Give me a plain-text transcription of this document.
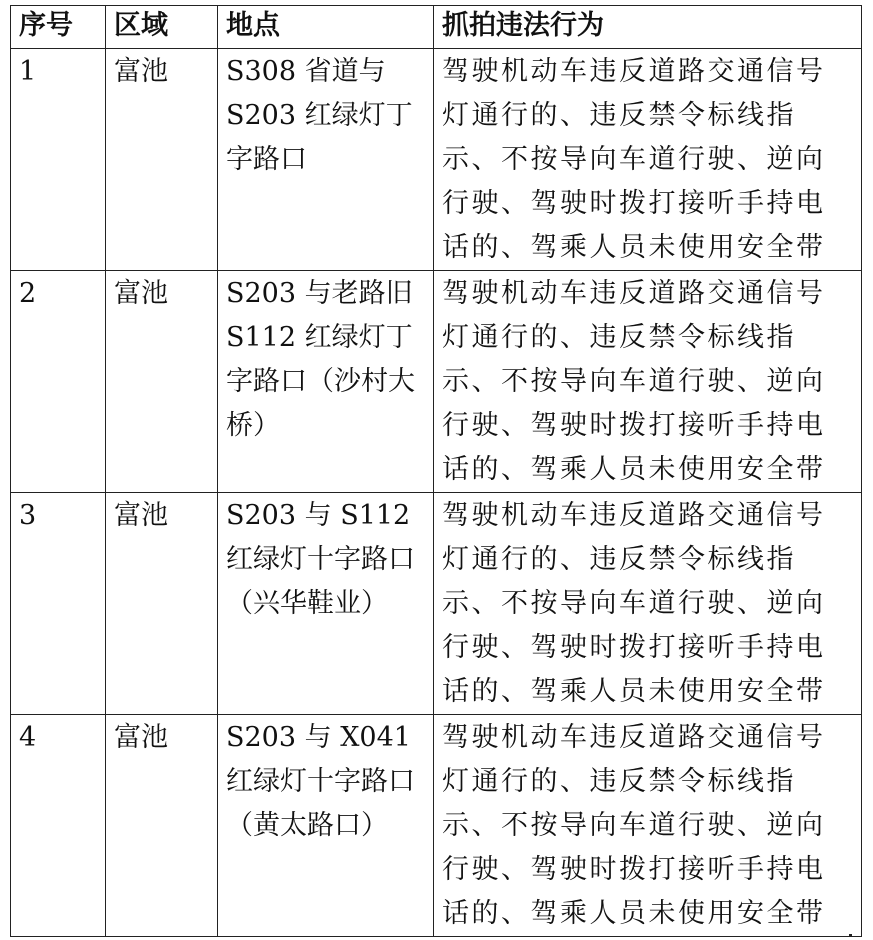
序号	区域	地点	抓拍违法行为
1	富池	S308 省道与 S203 红绿灯丁字路口	驾驶机动车违反道路交通信号灯通行的、违反禁令标线指示、不按导向车道行驶、逆向行驶、驾驶时拨打接听手持电话的、驾乘人员未使用安全带
2	富池	S203 与老路旧 S112 红绿灯丁字路口（沙村大桥）	驾驶机动车违反道路交通信号灯通行的、违反禁令标线指示、不按导向车道行驶、逆向行驶、驾驶时拨打接听手持电话的、驾乘人员未使用安全带
3	富池	S203 与 S112 红绿灯十字路口（兴华鞋业）	驾驶机动车违反道路交通信号灯通行的、违反禁令标线指示、不按导向车道行驶、逆向行驶、驾驶时拨打接听手持电话的、驾乘人员未使用安全带
4	富池	S203 与 X041 红绿灯十字路口（黄太路口）	驾驶机动车违反道路交通信号灯通行的、违反禁令标线指示、不按导向车道行驶、逆向行驶、驾驶时拨打接听手持电话的、驾乘人员未使用安全带
